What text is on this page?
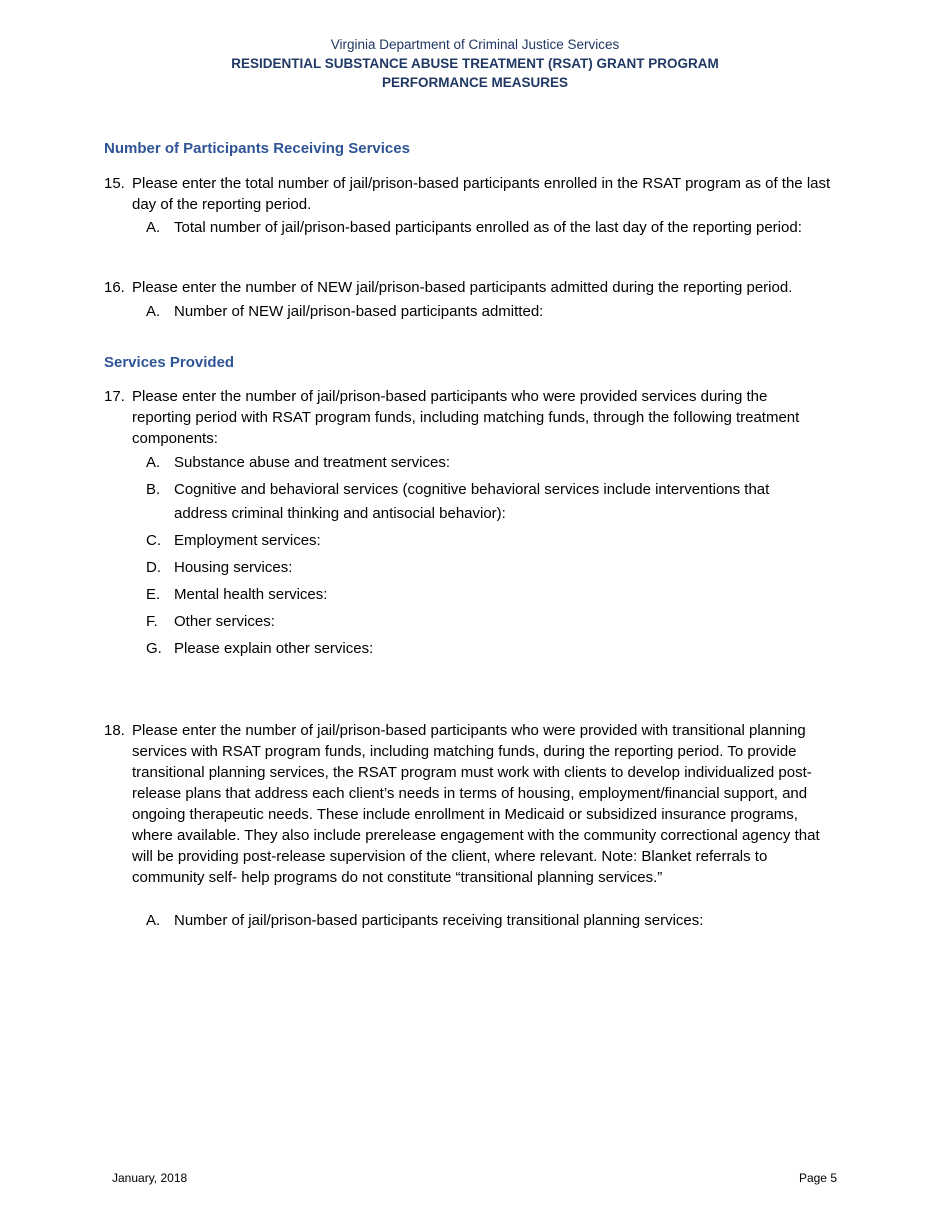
Virginia Department of Criminal Justice Services
RESIDENTIAL SUBSTANCE ABUSE TREATMENT (RSAT) GRANT PROGRAM
PERFORMANCE MEASURES
Number of Participants Receiving Services
15. Please enter the total number of jail/prison-based participants enrolled in the RSAT program as of the last day of the reporting period.
A. Total number of jail/prison-based participants enrolled as of the last day of the reporting period:
16. Please enter the number of NEW jail/prison-based participants admitted during the reporting period.
A. Number of NEW jail/prison-based participants admitted:
Services Provided
17. Please enter the number of jail/prison-based participants who were provided services during the reporting period with RSAT program funds, including matching funds, through the following treatment components:
A. Substance abuse and treatment services:
B. Cognitive and behavioral services (cognitive behavioral services include interventions that address criminal thinking and antisocial behavior):
C. Employment services:
D. Housing services:
E. Mental health services:
F. Other services:
G. Please explain other services:
18. Please enter the number of jail/prison-based participants who were provided with transitional planning services with RSAT program funds, including matching funds, during the reporting period. To provide transitional planning services, the RSAT program must work with clients to develop individualized post-release plans that address each client’s needs in terms of housing, employment/financial support, and ongoing therapeutic needs. These include enrollment in Medicaid or subsidized insurance programs, where available. They also include prerelease engagement with the community correctional agency that will be providing post-release supervision of the client, where relevant. Note: Blanket referrals to community self- help programs do not constitute “transitional planning services.”
A. Number of jail/prison-based participants receiving transitional planning services:
January, 2018	Page 5
